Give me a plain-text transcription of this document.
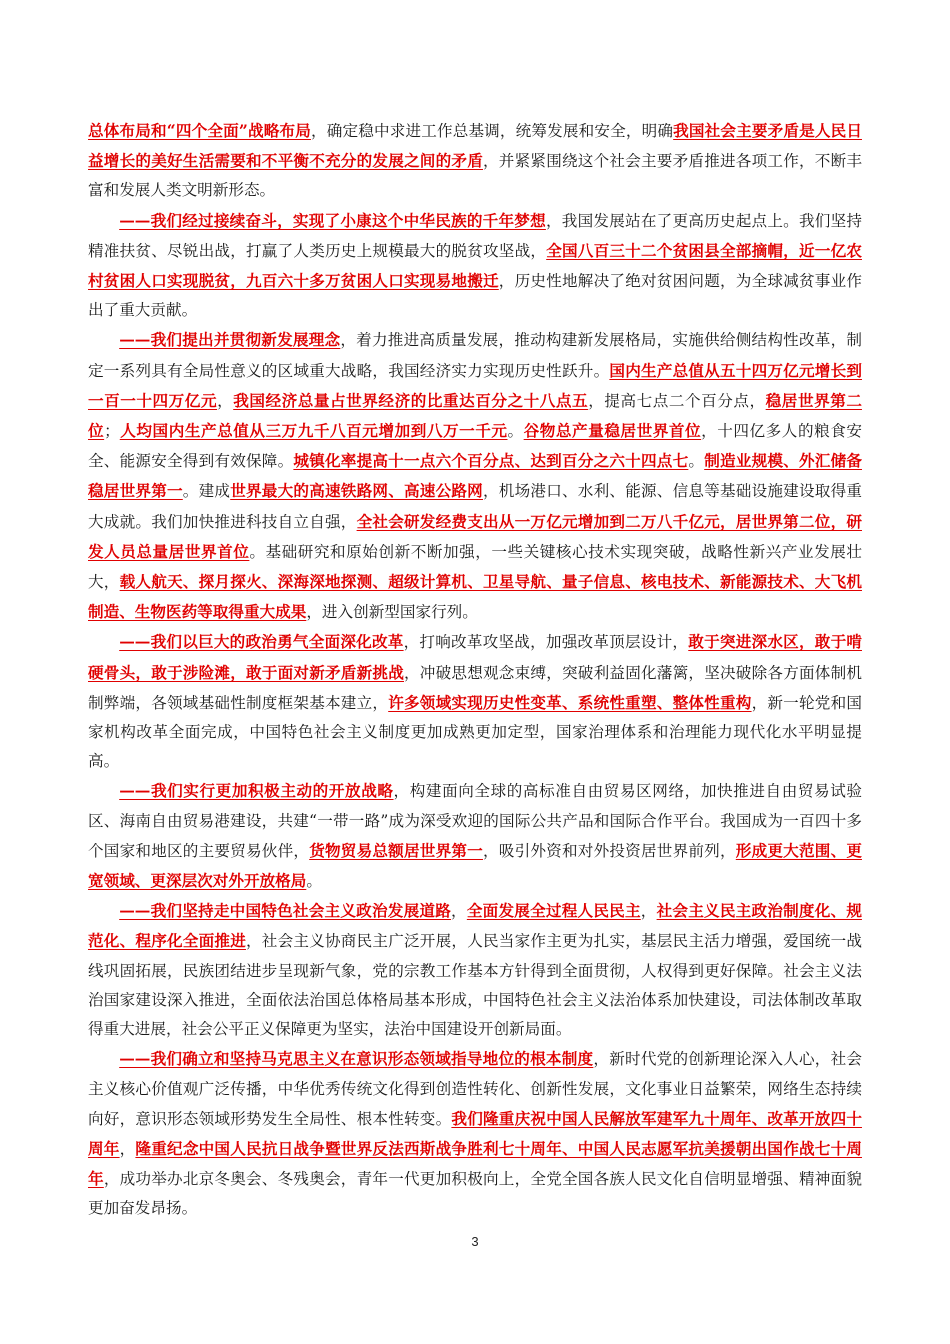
总体布局和“四个全面”战略布局，确定稳中求进工作总基调，统筹发展和安全，明确我国社会主要矛盾是人民日益增长的美好生活需要和不平衡不充分的发展之间的矛盾，并紧紧围绕这个社会主要矛盾推进各项工作，不断丰富和发展人类文明新形态。

——我们经过接续奋斗，实现了小康这个中华民族的千年梦想，我国发展站在了更高历史起点上。我们坚持精准扶贫、尽锐出战，打赢了人类历史上规模最大的脱贫攻坚战，全国八百三十二个贫困县全部摘帽，近一亿农村贫困人口实现脱贫，九百六十多万贫困人口实现易地搬迁，历史性地解决了绝对贫困问题，为全球减贫事业作出了重大贡献。

——我们提出并贯彻新发展理念，着力推进高质量发展，推动构建新发展格局，实施供给侧结构性改革，制定一系列具有全局性意义的区域重大战略，我国经济实力实现历史性跃升。国内生产总值从五十四万亿元增长到一百一十四万亿元，我国经济总量占世界经济的比重达百分之十八点五，提高七点二个百分点，稳居世界第二位；人均国内生产总值从三万九千八百元增加到八万一千元。谷物总产量稳居世界首位，十四亿多人的粮食安全、能源安全得到有效保障。城镇化率提高十一点六个百分点、达到百分之六十四点七。制造业规模、外汇储备稳居世界第一。建成世界最大的高速铁路网、高速公路网，机场港口、水利、能源、信息等基础设施建设取得重大成就。我们加快推进科技自立自强，全社会研发经费支出从一万亿元增加到二万八千亿元，居世界第二位，研发人员总量居世界首位。基础研究和原始创新不断加强，一些关键核心技术实现突破，战略性新兴产业发展壮大，载人航天、探月探火、深海深地探测、超级计算机、卫星导航、量子信息、核电技术、新能源技术、大飞机制造、生物医药等取得重大成果，进入创新型国家行列。

——我们以巨大的政治勇气全面深化改革，打响改革攻坚战，加强改革顶层设计，敢于突进深水区，敢于啃硬骨头，敢于涉险滩，敢于面对新矛盾新挑战，冲破思想观念束缚，突破利益固化藩篱，坚决破除各方面体制机制弊端，各领域基础性制度框架基本建立，许多领域实现历史性变革、系统性重塑、整体性重构，新一轮党和国家机构改革全面完成，中国特色社会主义制度更加成熟更加定型，国家治理体系和治理能力现代化水平明显提高。

——我们实行更加积极主动的开放战略，构建面向全球的高标准自由贸易区网络，加快推进自由贸易试验区、海南自由贸易港建设，共建“一带一路”成为深受欢迎的国际公共产品和国际合作平台。我国成为一百四十多个国家和地区的主要贸易伙伴，货物贸易总额居世界第一，吸引外资和对外投资居世界前列，形成更大范围、更宽领域、更深层次对外开放格局。

——我们坚持走中国特色社会主义政治发展道路，全面发展全过程人民民主，社会主义民主政治制度化、规范化、程序化全面推进，社会主义协商民主广泛开展，人民当家作主更为扎实，基层民主活力增强，爱国统一战线巩固拓展，民族团结进步呈现新气象，党的宗教工作基本方针得到全面贯彻，人权得到更好保障。社会主义法治国家建设深入推进，全面依法治国总体格局基本形成，中国特色社会主义法治体系加快建设，司法体制改革取得重大进展，社会公平正义保障更为坚实，法治中国建设开创新局面。

——我们确立和坚持马克思主义在意识形态领域指导地位的根本制度，新时代党的创新理论深入人心，社会主义核心价值观广泛传播，中华优秀传统文化得到创造性转化、创新性发展，文化事业日益繁荣，网络生态持续向好，意识形态领域形势发生全局性、根本性转变。我们隆重庆祝中国人民解放军建军九十周年、改革开放四十周年，隆重纪念中国人民抗日战争暨世界反法西斯战争胜利七十周年、中国人民志愿军抗美援朝出国作战七十周年，成功举办北京冬奥会、冬残奥会，青年一代更加积极向上，全党全国各族人民文化自信明显增强、精神面貌更加奋发昂扬。

3
